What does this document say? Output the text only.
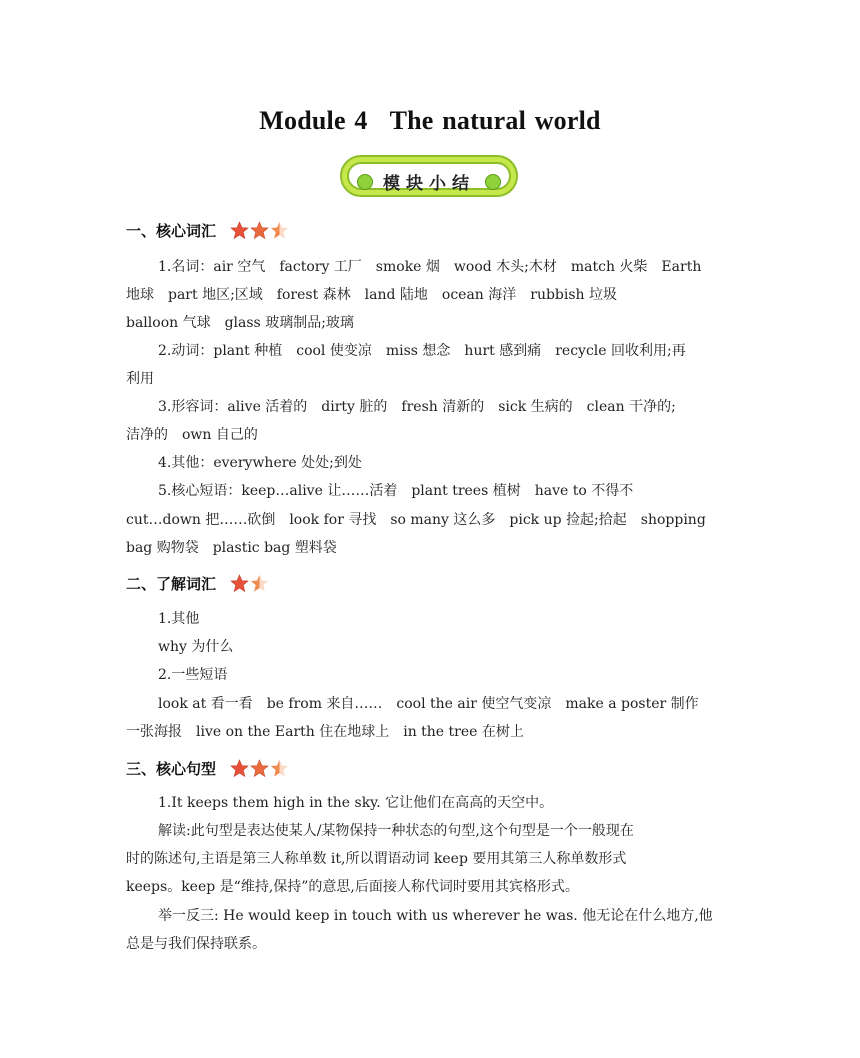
Module 4 The natural world
模块小结
一、核心词汇
1.名词：air 空气　factory 工厂　smoke 烟　wood 木头;木材　match 火柴　Earth
地球　part 地区;区域　forest 森林　land 陆地　ocean 海洋　rubbish 垃圾
balloon 气球　glass 玻璃制品;玻璃
2.动词：plant 种植　cool 使变凉　miss 想念　hurt 感到痛　recycle 回收利用;再
利用
3.形容词：alive 活着的　dirty 脏的　fresh 清新的　sick 生病的　clean 干净的;
洁净的　own 自己的
4.其他：everywhere 处处;到处
5.核心短语：keep…alive 让……活着　plant trees 植树　have to 不得不
cut…down 把……砍倒　look for 寻找　so many 这么多　pick up 捡起;拾起　shopping
bag 购物袋　plastic bag 塑料袋
二、了解词汇
1.其他
why 为什么
2.一些短语
look at 看一看　be from 来自……　cool the air 使空气变凉　make a poster 制作
一张海报　live on the Earth 住在地球上　in the tree 在树上
三、核心句型
1.It keeps them high in the sky. 它让他们在高高的天空中。
解读:此句型是表达使某人/某物保持一种状态的句型,这个句型是一个一般现在
时的陈述句,主语是第三人称单数 it,所以谓语动词 keep 要用其第三人称单数形式
keeps。keep 是“维持,保持”的意思,后面接人称代词时要用其宾格形式。
举一反三: He would keep in touch with us wherever he was. 他无论在什么地方,他
总是与我们保持联系。
